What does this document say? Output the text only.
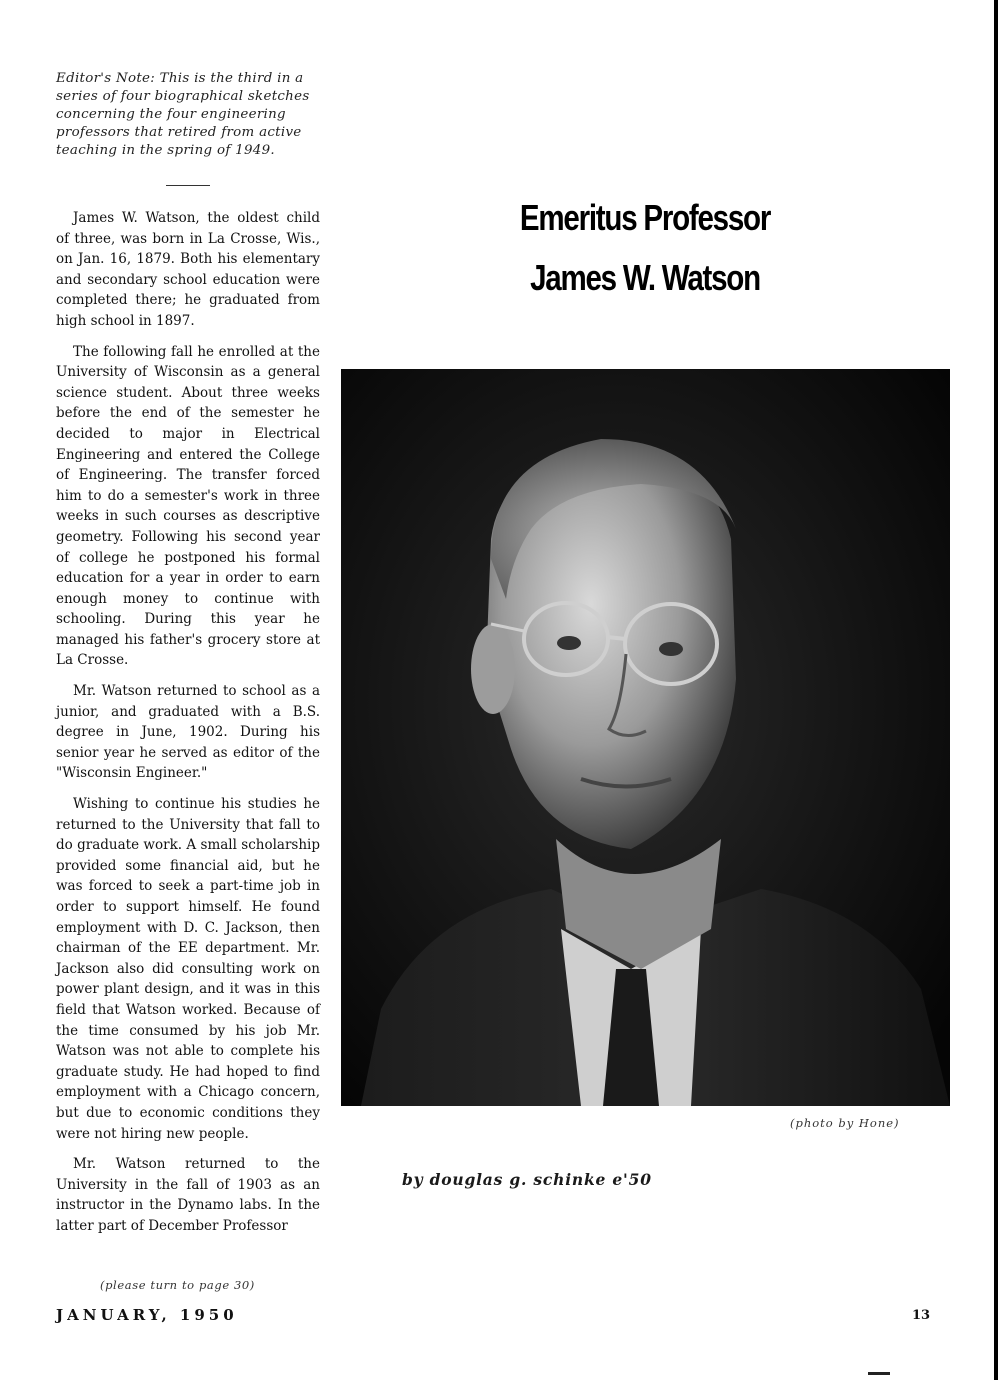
Editor's Note: This is the third in a series of four biographical sketches concerning the four engineering professors that retired from active teaching in the spring of 1949.

James W. Watson, the oldest child of three, was born in La Crosse, Wis., on Jan. 16, 1879. Both his elementary and secondary school education were completed there; he graduated from high school in 1897.

The following fall he enrolled at the University of Wisconsin as a general science student. About three weeks before the end of the semester he decided to major in Electrical Engineering and entered the College of Engineering. The transfer forced him to do a semester's work in three weeks in such courses as descriptive geometry. Following his second year of college he postponed his formal education for a year in order to earn enough money to continue with schooling. During this year he managed his father's grocery store at La Crosse.

Mr. Watson returned to school as a junior, and graduated with a B.S. degree in June, 1902. During his senior year he served as editor of the "Wisconsin Engineer."

Wishing to continue his studies he returned to the University that fall to do graduate work. A small scholarship provided some financial aid, but he was forced to seek a part-time job in order to support himself. He found employment with D. C. Jackson, then chairman of the EE department. Mr. Jackson also did consulting work on power plant design, and it was in this field that Watson worked. Because of the time consumed by his job Mr. Watson was not able to complete his graduate study. He had hoped to find employment with a Chicago concern, but due to economic conditions they were not hiring new people.

Mr. Watson returned to the University in the fall of 1903 as an instructor in the Dynamo labs. In the latter part of December Professor

(please turn to page 30)
Emeritus Professor
James W. Watson
(photo by Hone)
by douglas g. schinke e'50
JANUARY, 1950	13
